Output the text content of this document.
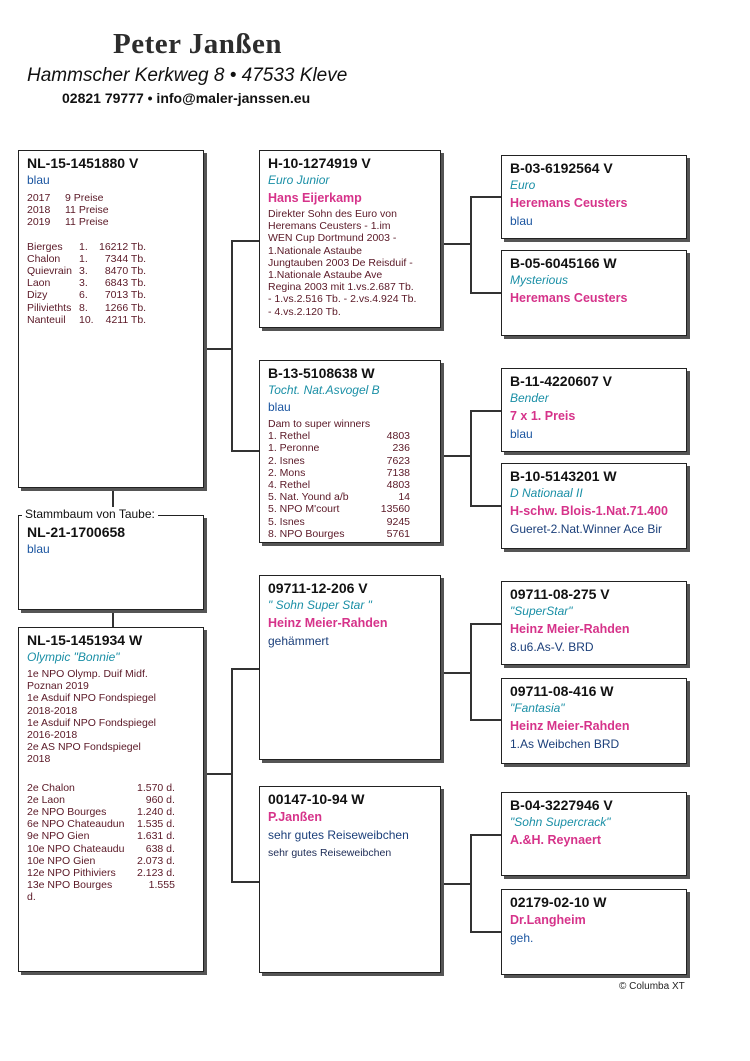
Peter Janßen
Hammscher Kerkweg 8 • 47533 Kleve
02821 79777 • info@maler-janssen.eu
NL-15-1451880 V
blau
2017	9 Preise
2018	11 Preise
2019	11 Preise
Bierges	1.	16212 Tb.
Chalon	1.	7344 Tb.
Quievrain	3.	8470 Tb.
Laon	3.	6843 Tb.
Dizy	6.	7013 Tb.
Piliviethts	8.	1266 Tb.
Nanteuil	10.	4211 Tb.
NL-21-1700658
blau
Stammbaum von Taube:
NL-15-1451934 W
Olympic "Bonnie"
1e NPO Olymp. Duif Midf.
Poznan 2019
1e Asduif NPO Fondspiegel
2018-2018
1e Asduif NPO Fondspiegel
2016-2018
2e AS NPO Fondspiegel
2018
2e Chalon	1.570 d.
2e Laon	960 d.
2e NPO Bourges	1.240 d.
6e NPO Chateaudun	1.535 d.
9e NPO Gien	1.631 d.
10e NPO Chateaudu	638 d.
10e NPO Gien	2.073 d.
12e NPO Pithiviers	2.123 d.
13e NPO Bourges	1.555
d.
H-10-1274919 V
Euro Junior
Hans Eijerkamp
Direkter Sohn des Euro von
Heremans Ceusters - 1.im
WEN Cup Dortmund 2003 -
1.Nationale Astaube
Jungtauben 2003 De Reisduif -
1.Nationale Astaube Ave
Regina 2003 mit 1.vs.2.687 Tb.
- 1.vs.2.516 Tb. - 2.vs.4.924 Tb.
- 4.vs.2.120 Tb.
B-13-5108638 W
Tocht. Nat.Asvogel B
blau
Dam to super winners
1. Rethel	4803
1. Peronne	236
2. Isnes	7623
2. Mons	7138
4. Rethel	4803
5. Nat. Yound a/b	14
5. NPO M'court	13560
5. Isnes	9245
8. NPO Bourges	5761
09711-12-206 V
" Sohn Super Star "
Heinz Meier-Rahden
gehämmert
00147-10-94 W
P.Janßen
sehr gutes Reiseweibchen
sehr gutes Reiseweibchen
B-03-6192564 V
Euro
Heremans Ceusters
blau
B-05-6045166 W
Mysterious
Heremans Ceusters
B-11-4220607 V
Bender
7 x 1. Preis
blau
B-10-5143201 W
D Nationaal II
H-schw. Blois-1.Nat.71.400
Gueret-2.Nat.Winner Ace Bir
09711-08-275 V
"SuperStar"
Heinz Meier-Rahden
8.u6.As-V. BRD
09711-08-416 W
"Fantasia"
Heinz Meier-Rahden
1.As Weibchen BRD
B-04-3227946 V
"Sohn Supercrack"
A.&H. Reynaert
02179-02-10 W
Dr.Langheim
geh.
© Columba XT
